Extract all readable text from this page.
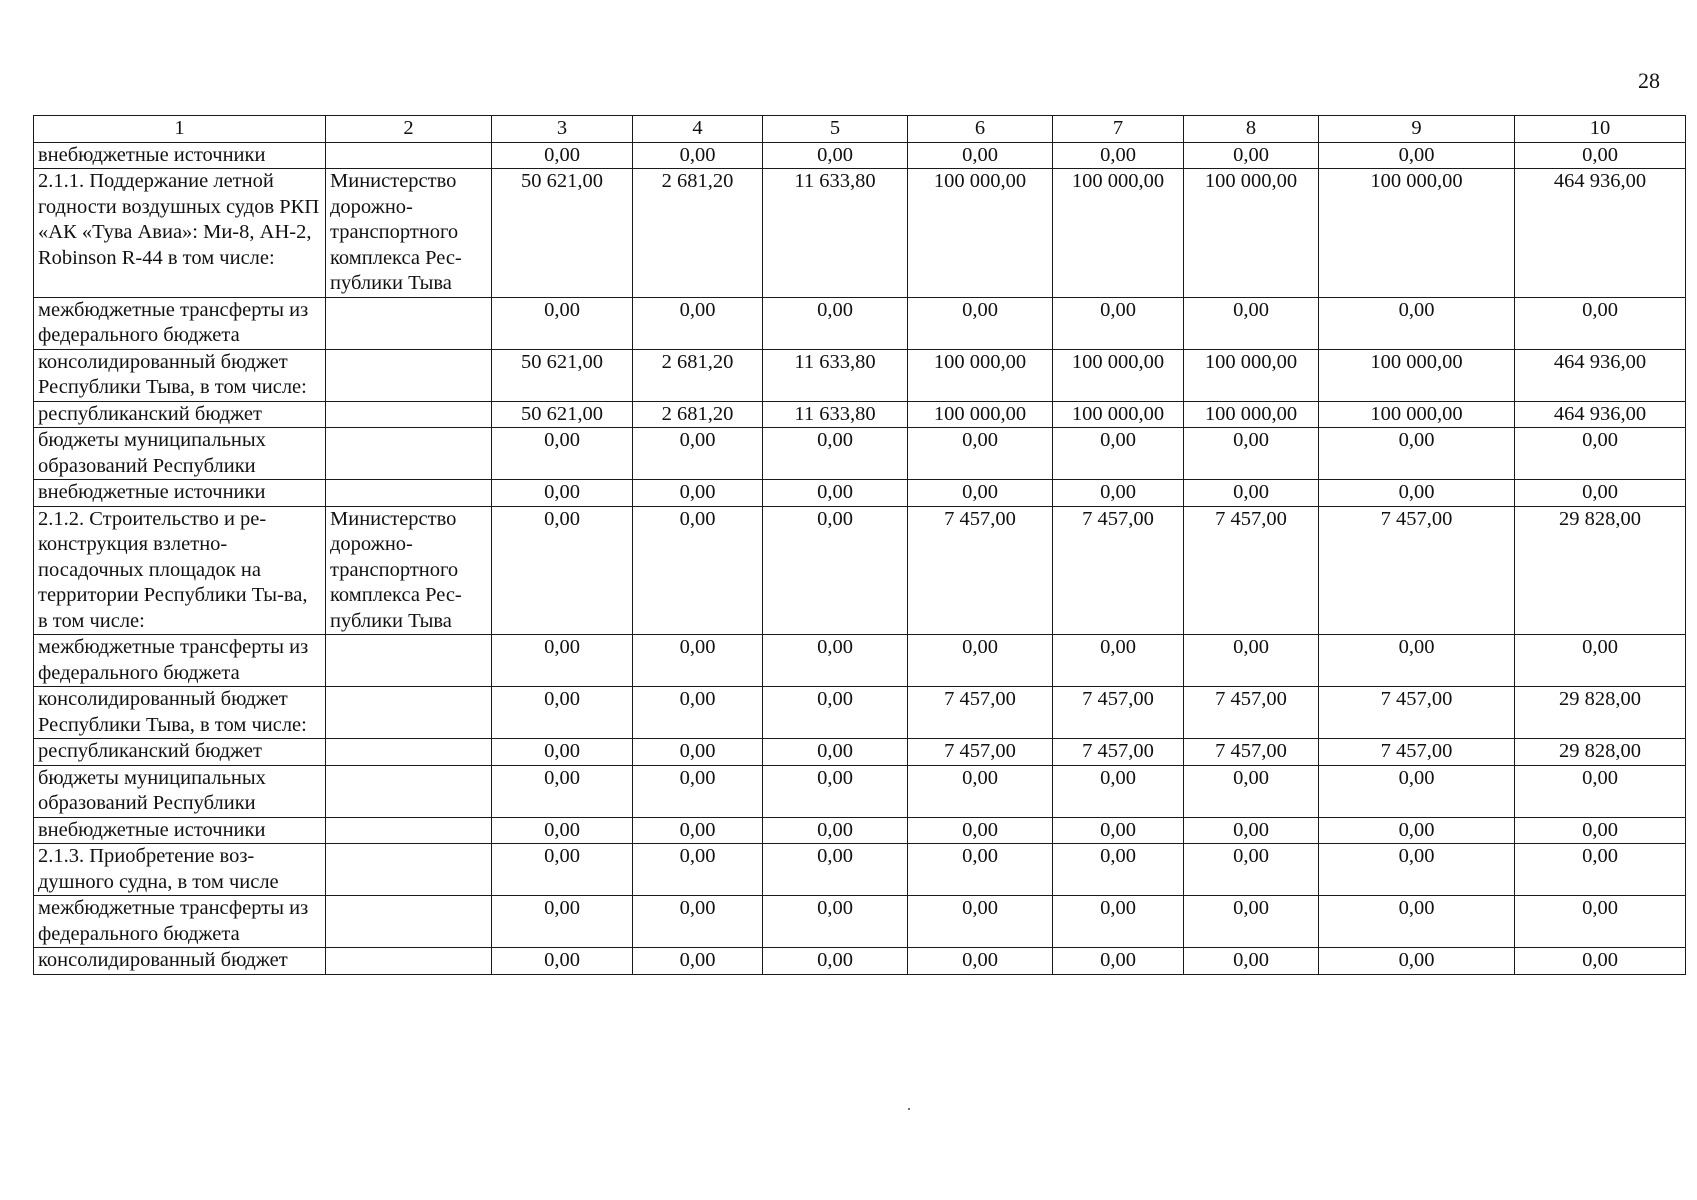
28
1	2	3	4	5	6	7	8	9	10
внебюджетные источники		0,00	0,00	0,00	0,00	0,00	0,00	0,00	0,00
2.1.1. Поддержание летной годности воздушных судов РКП «АК «Тува Авиа»: Ми-8, АН-2, Robinson R-44 в том числе:	Министерство дорожно-транспортного комплекса Рес-публики Тыва	50 621,00	2 681,20	11 633,80	100 000,00	100 000,00	100 000,00	100 000,00	464 936,00
межбюджетные трансферты из федерального бюджета		0,00	0,00	0,00	0,00	0,00	0,00	0,00	0,00
консолидированный бюджет Республики Тыва, в том числе:		50 621,00	2 681,20	11 633,80	100 000,00	100 000,00	100 000,00	100 000,00	464 936,00
республиканский бюджет		50 621,00	2 681,20	11 633,80	100 000,00	100 000,00	100 000,00	100 000,00	464 936,00
бюджеты муниципальных образований Республики		0,00	0,00	0,00	0,00	0,00	0,00	0,00	0,00
внебюджетные источники		0,00	0,00	0,00	0,00	0,00	0,00	0,00	0,00
2.1.2. Строительство и ре-конструкция взлетно-посадочных площадок на территории Республики Ты-ва, в том числе:	Министерство дорожно-транспортного комплекса Рес-публики Тыва	0,00	0,00	0,00	7 457,00	7 457,00	7 457,00	7 457,00	29 828,00
межбюджетные трансферты из федерального бюджета		0,00	0,00	0,00	0,00	0,00	0,00	0,00	0,00
консолидированный бюджет Республики Тыва, в том числе:		0,00	0,00	0,00	7 457,00	7 457,00	7 457,00	7 457,00	29 828,00
республиканский бюджет		0,00	0,00	0,00	7 457,00	7 457,00	7 457,00	7 457,00	29 828,00
бюджеты муниципальных образований Республики		0,00	0,00	0,00	0,00	0,00	0,00	0,00	0,00
внебюджетные источники		0,00	0,00	0,00	0,00	0,00	0,00	0,00	0,00
2.1.3. Приобретение воз-душного судна, в том числе		0,00	0,00	0,00	0,00	0,00	0,00	0,00	0,00
межбюджетные трансферты из федерального бюджета		0,00	0,00	0,00	0,00	0,00	0,00	0,00	0,00
консолидированный бюджет		0,00	0,00	0,00	0,00	0,00	0,00	0,00	0,00
